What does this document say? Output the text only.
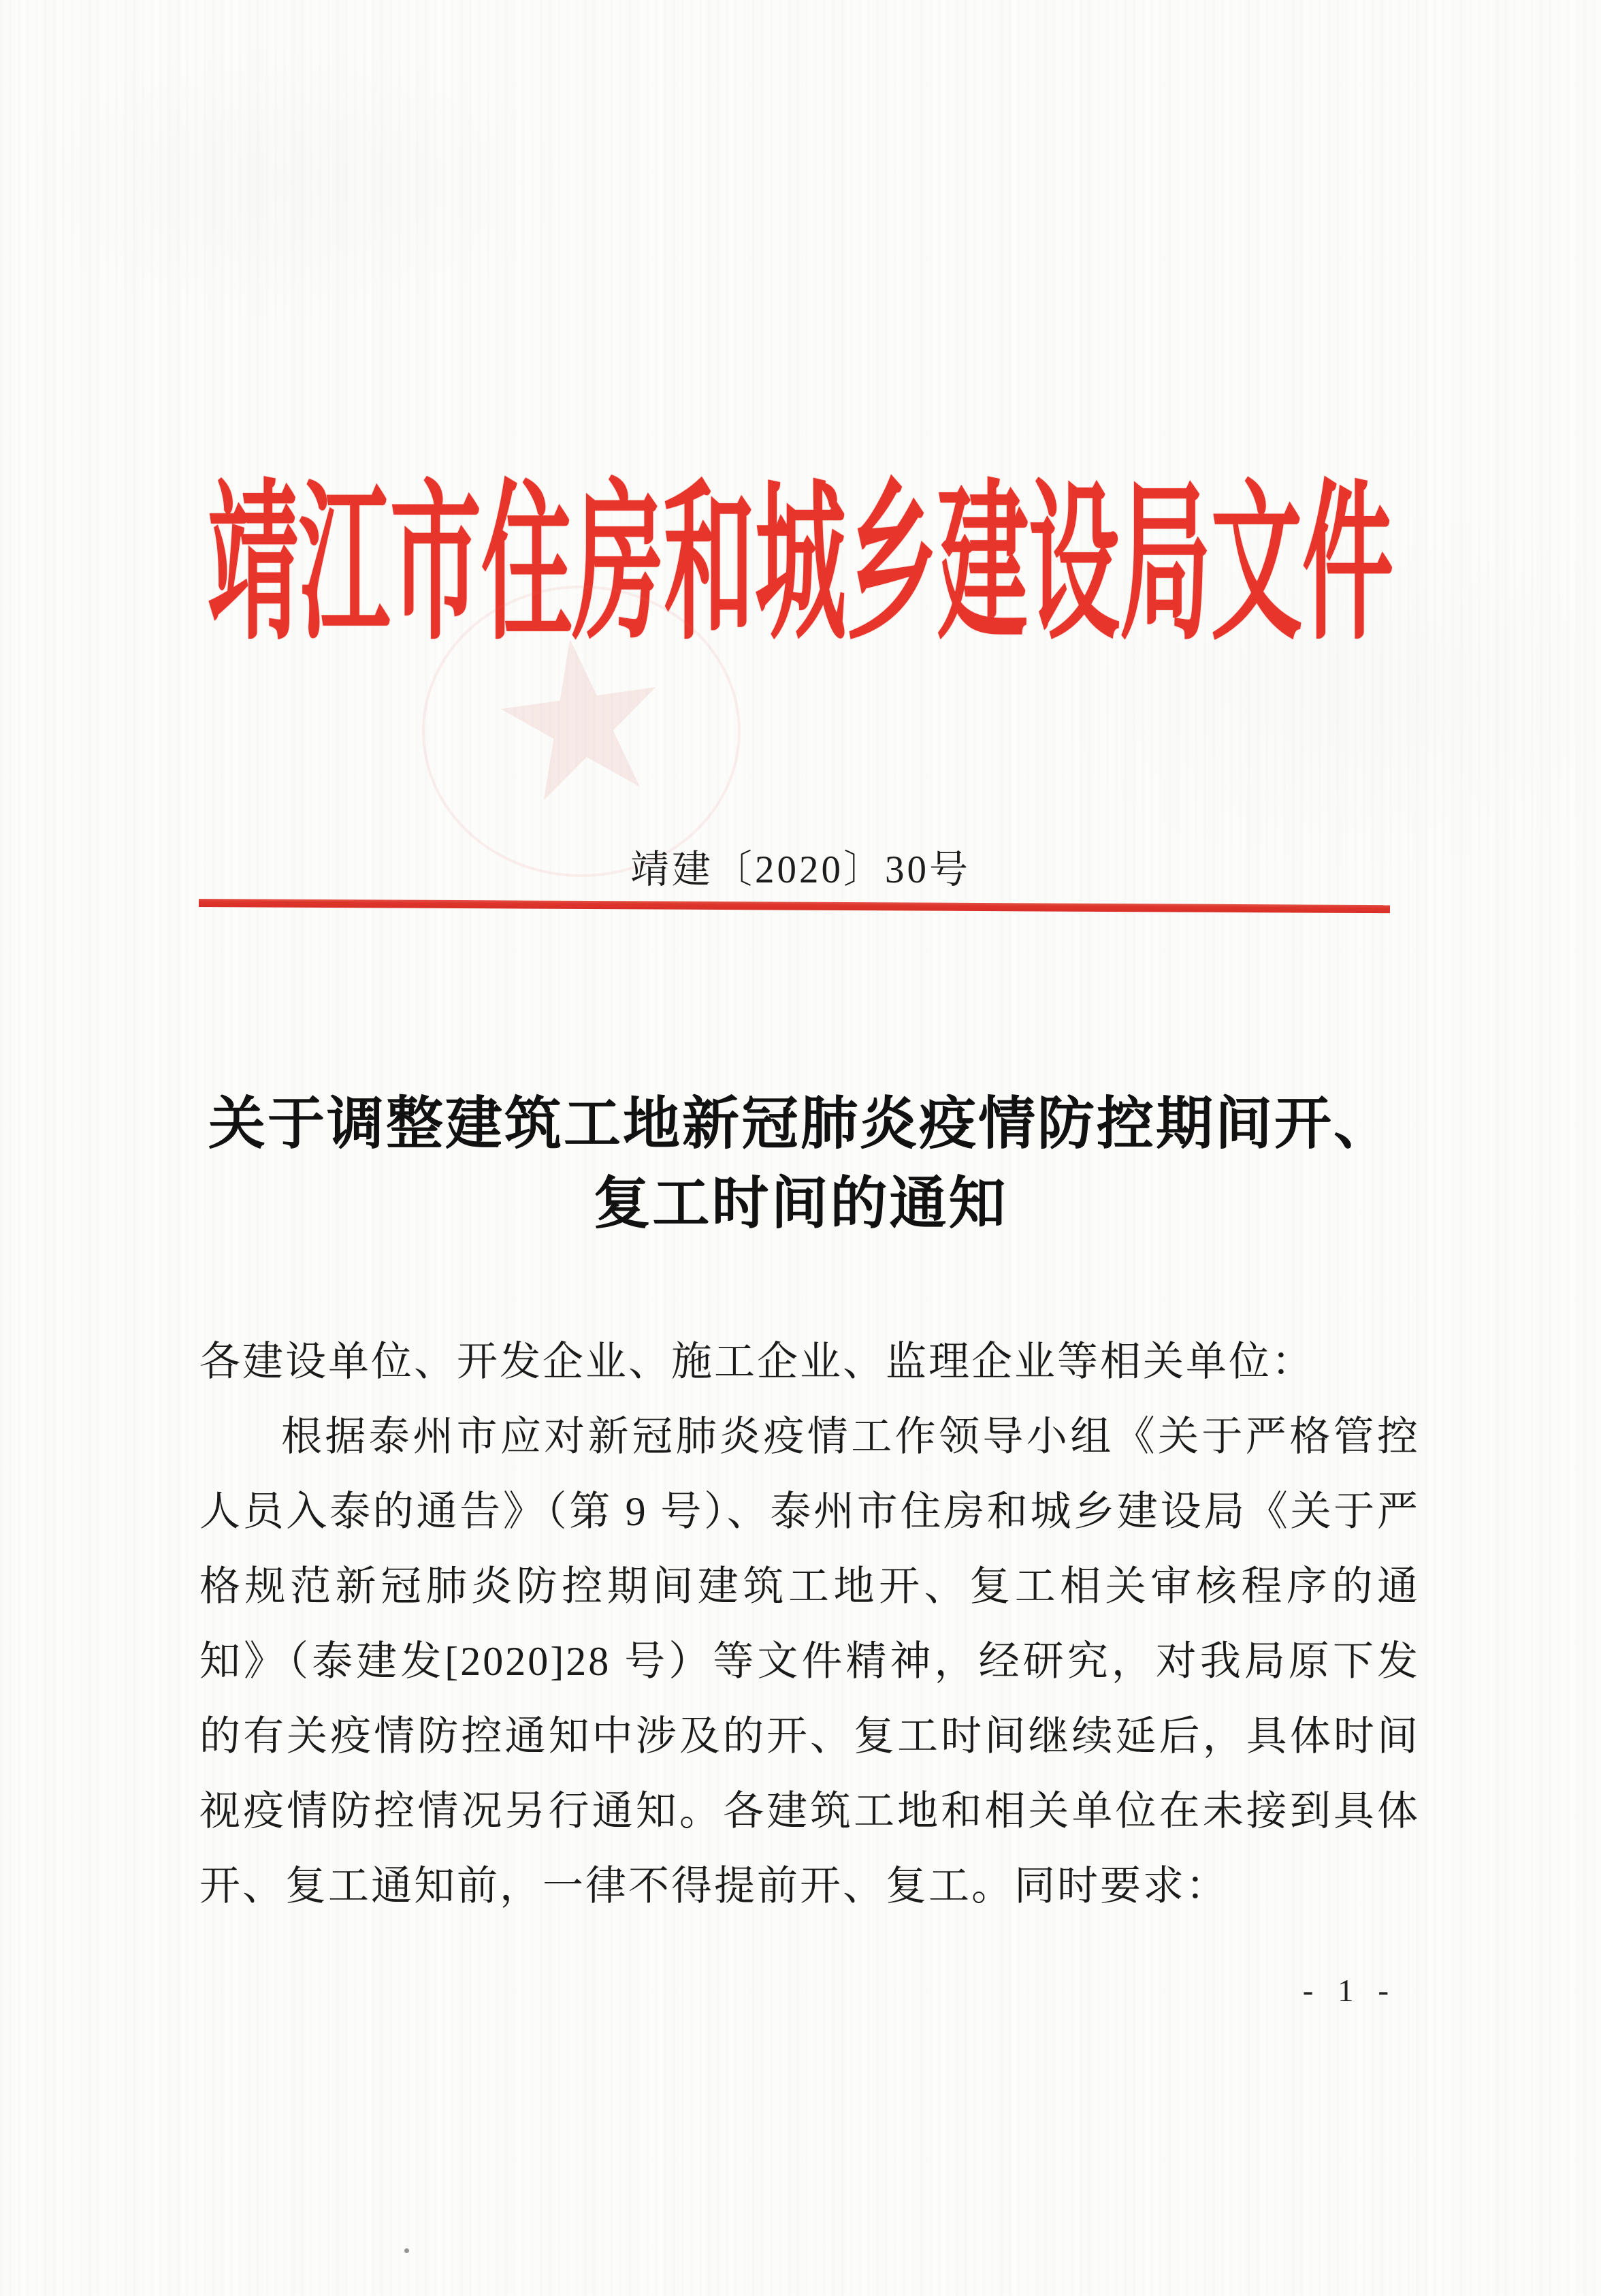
靖江市住房和城乡建设局文件
★
靖建〔2020〕30号
关于调整建筑工地新冠肺炎疫情防控期间开、
复工时间的通知

各建设单位、开发企业、施工企业、监理企业等相关单位：

根据泰州市应对新冠肺炎疫情工作领导小组《关于严格管控人员入泰的通告》（第 9 号）、泰州市住房和城乡建设局《关于严格规范新冠肺炎防控期间建筑工地开、复工相关审核程序的通知》（泰建发[2020]28 号）等文件精神，经研究，对我局原下发的有关疫情防控通知中涉及的开、复工时间继续延后，具体时间视疫情防控情况另行通知。各建筑工地和相关单位在未接到具体开、复工通知前，一律不得提前开、复工。同时要求：

- 1 -
